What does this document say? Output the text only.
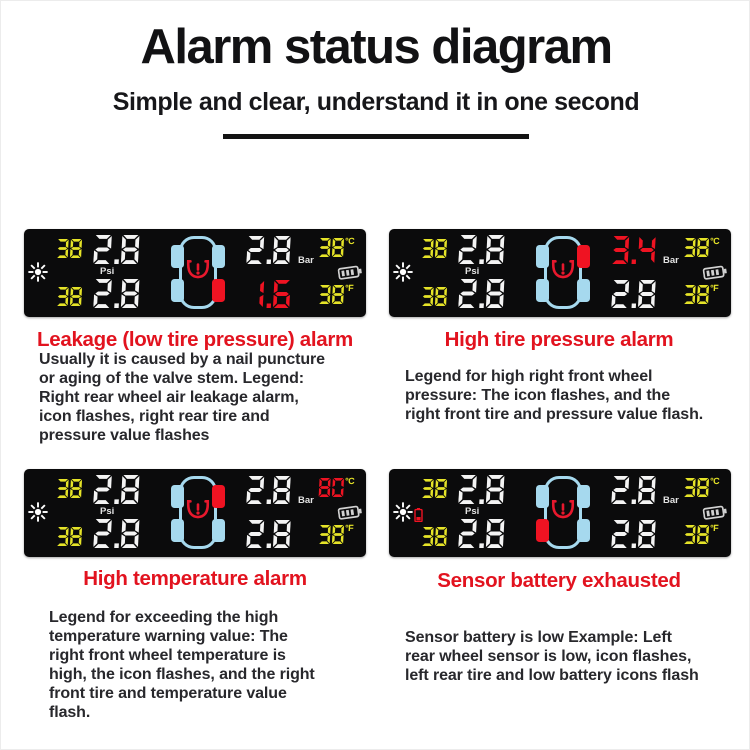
Alarm status diagram
Simple and clear, understand it in one second
Psi
Bar
°C
°F
Psi
Bar
°C
°F
Psi
Bar
°C
°F
Psi
Bar
°C
°F
Leakage (low tire pressure) alarm
Usually it is caused by a nail puncture or aging of the valve stem. Legend: Right rear wheel air leakage alarm, icon flashes, right rear tire and pressure value flashes
High tire pressure alarm
Legend for high right front wheel pressure: The icon flashes, and the right front tire and pressure value flash.
High temperature alarm
Legend for exceeding the high temperature warning value: The right front wheel temperature is high, the icon flashes, and the right front tire and temperature value flash.
Sensor battery exhausted
Sensor battery is low Example: Left rear wheel sensor is low, icon flashes, left rear tire and low battery icons flash
